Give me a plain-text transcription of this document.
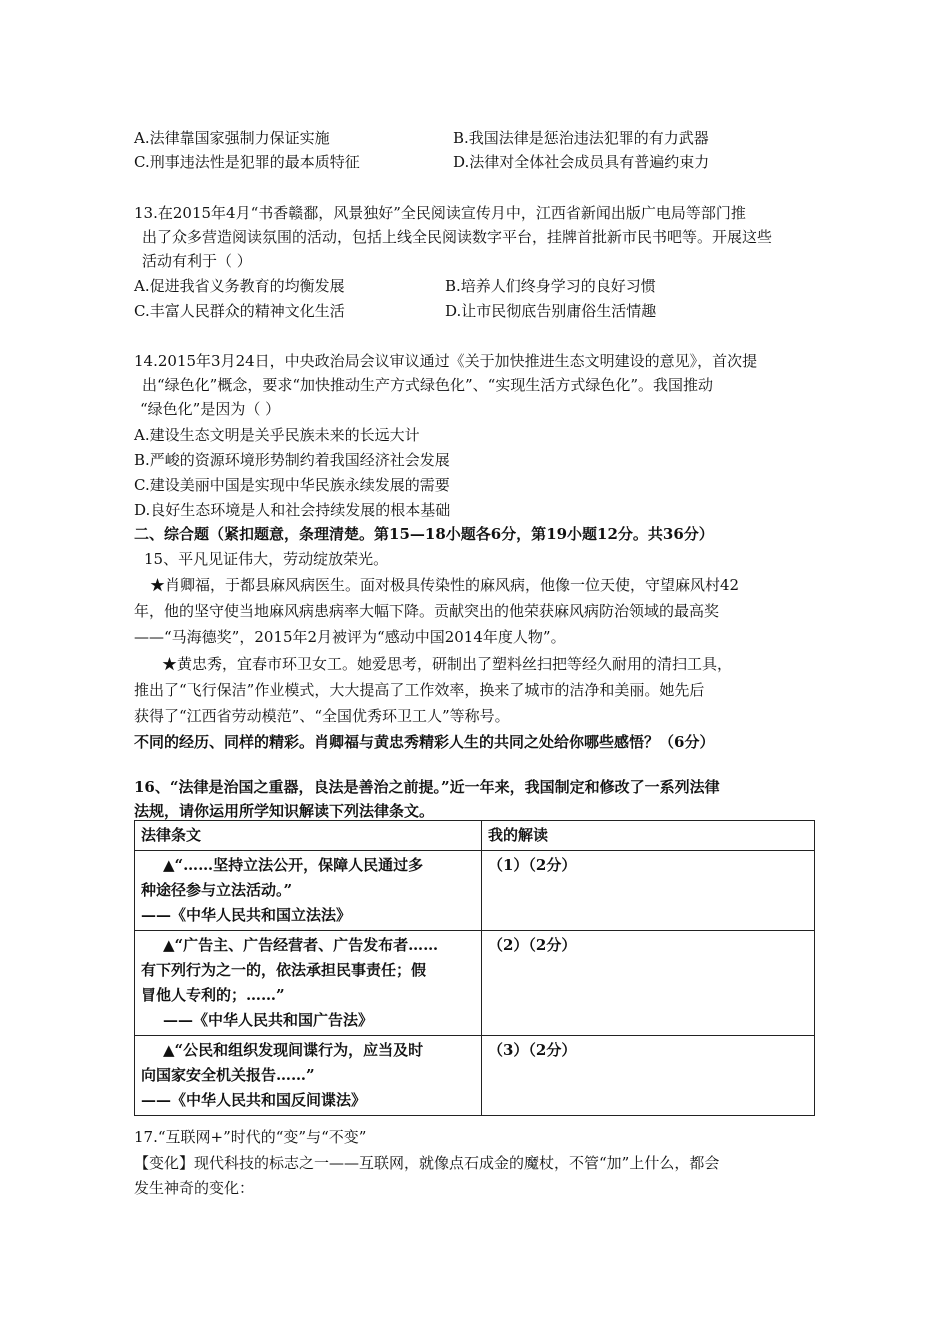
A.法律靠国家强制力保证实施	B.我国法律是惩治违法犯罪的有力武器
C.刑事违法性是犯罪的最本质特征	D.法律对全体社会成员具有普遍约束力
13.在2015年4月“书香赣鄱，风景独好”全民阅读宣传月中，江西省新闻出版广电局等部门推
出了众多营造阅读氛围的活动，包括上线全民阅读数字平台，挂牌首批新市民书吧等。开展这些
活动有利于（ ）
A.促进我省义务教育的均衡发展	B.培养人们终身学习的良好习惯
C.丰富人民群众的精神文化生活	D.让市民彻底告别庸俗生活情趣
14.2015年3月24日，中央政治局会议审议通过《关于加快推进生态文明建设的意见》，首次提
出“绿色化”概念，要求“加快推动生产方式绿色化”、“实现生活方式绿色化”。我国推动
“绿色化”是因为（ ）
A.建设生态文明是关乎民族未来的长远大计
B.严峻的资源环境形势制约着我国经济社会发展
C.建设美丽中国是实现中华民族永续发展的需要
D.良好生态环境是人和社会持续发展的根本基础
二、综合题（紧扣题意，条理清楚。第15—18小题各6分，第19小题12分。共36分）
15、平凡见证伟大，劳动绽放荣光。
★肖卿福，于都县麻风病医生。面对极具传染性的麻风病，他像一位天使，守望麻风村42
年，他的坚守使当地麻风病患病率大幅下降。贡献突出的他荣获麻风病防治领域的最高奖
——“马海德奖”，2015年2月被评为“感动中国2014年度人物”。
★黄忠秀，宜春市环卫女工。她爱思考，研制出了塑料丝扫把等经久耐用的清扫工具，
推出了“飞行保洁”作业模式，大大提高了工作效率，换来了城市的洁净和美丽。她先后
获得了“江西省劳动模范”、“全国优秀环卫工人”等称号。
不同的经历、同样的精彩。肖卿福与黄忠秀精彩人生的共同之处给你哪些感悟？（6分）
16、“法律是治国之重器，良法是善治之前提。”近一年来，我国制定和修改了一系列法律
法规，请你运用所学知识解读下列法律条文。
法律条文	我的解读
▲“……坚持立法公开，保障人民通过多
种途径参与立法活动。”
——《中华人民共和国立法法》	（1）（2分）
▲“广告主、广告经营者、广告发布者……
有下列行为之一的，依法承担民事责任；假
冒他人专利的；……”
——《中华人民共和国广告法》	（2）（2分）
▲“公民和组织发现间谍行为，应当及时
向国家安全机关报告……”
——《中华人民共和国反间谍法》	（3）（2分）
17.“互联网+”时代的“变”与“不变”
【变化】现代科技的标志之一——互联网，就像点石成金的魔杖，不管“加”上什么，都会
发生神奇的变化：
